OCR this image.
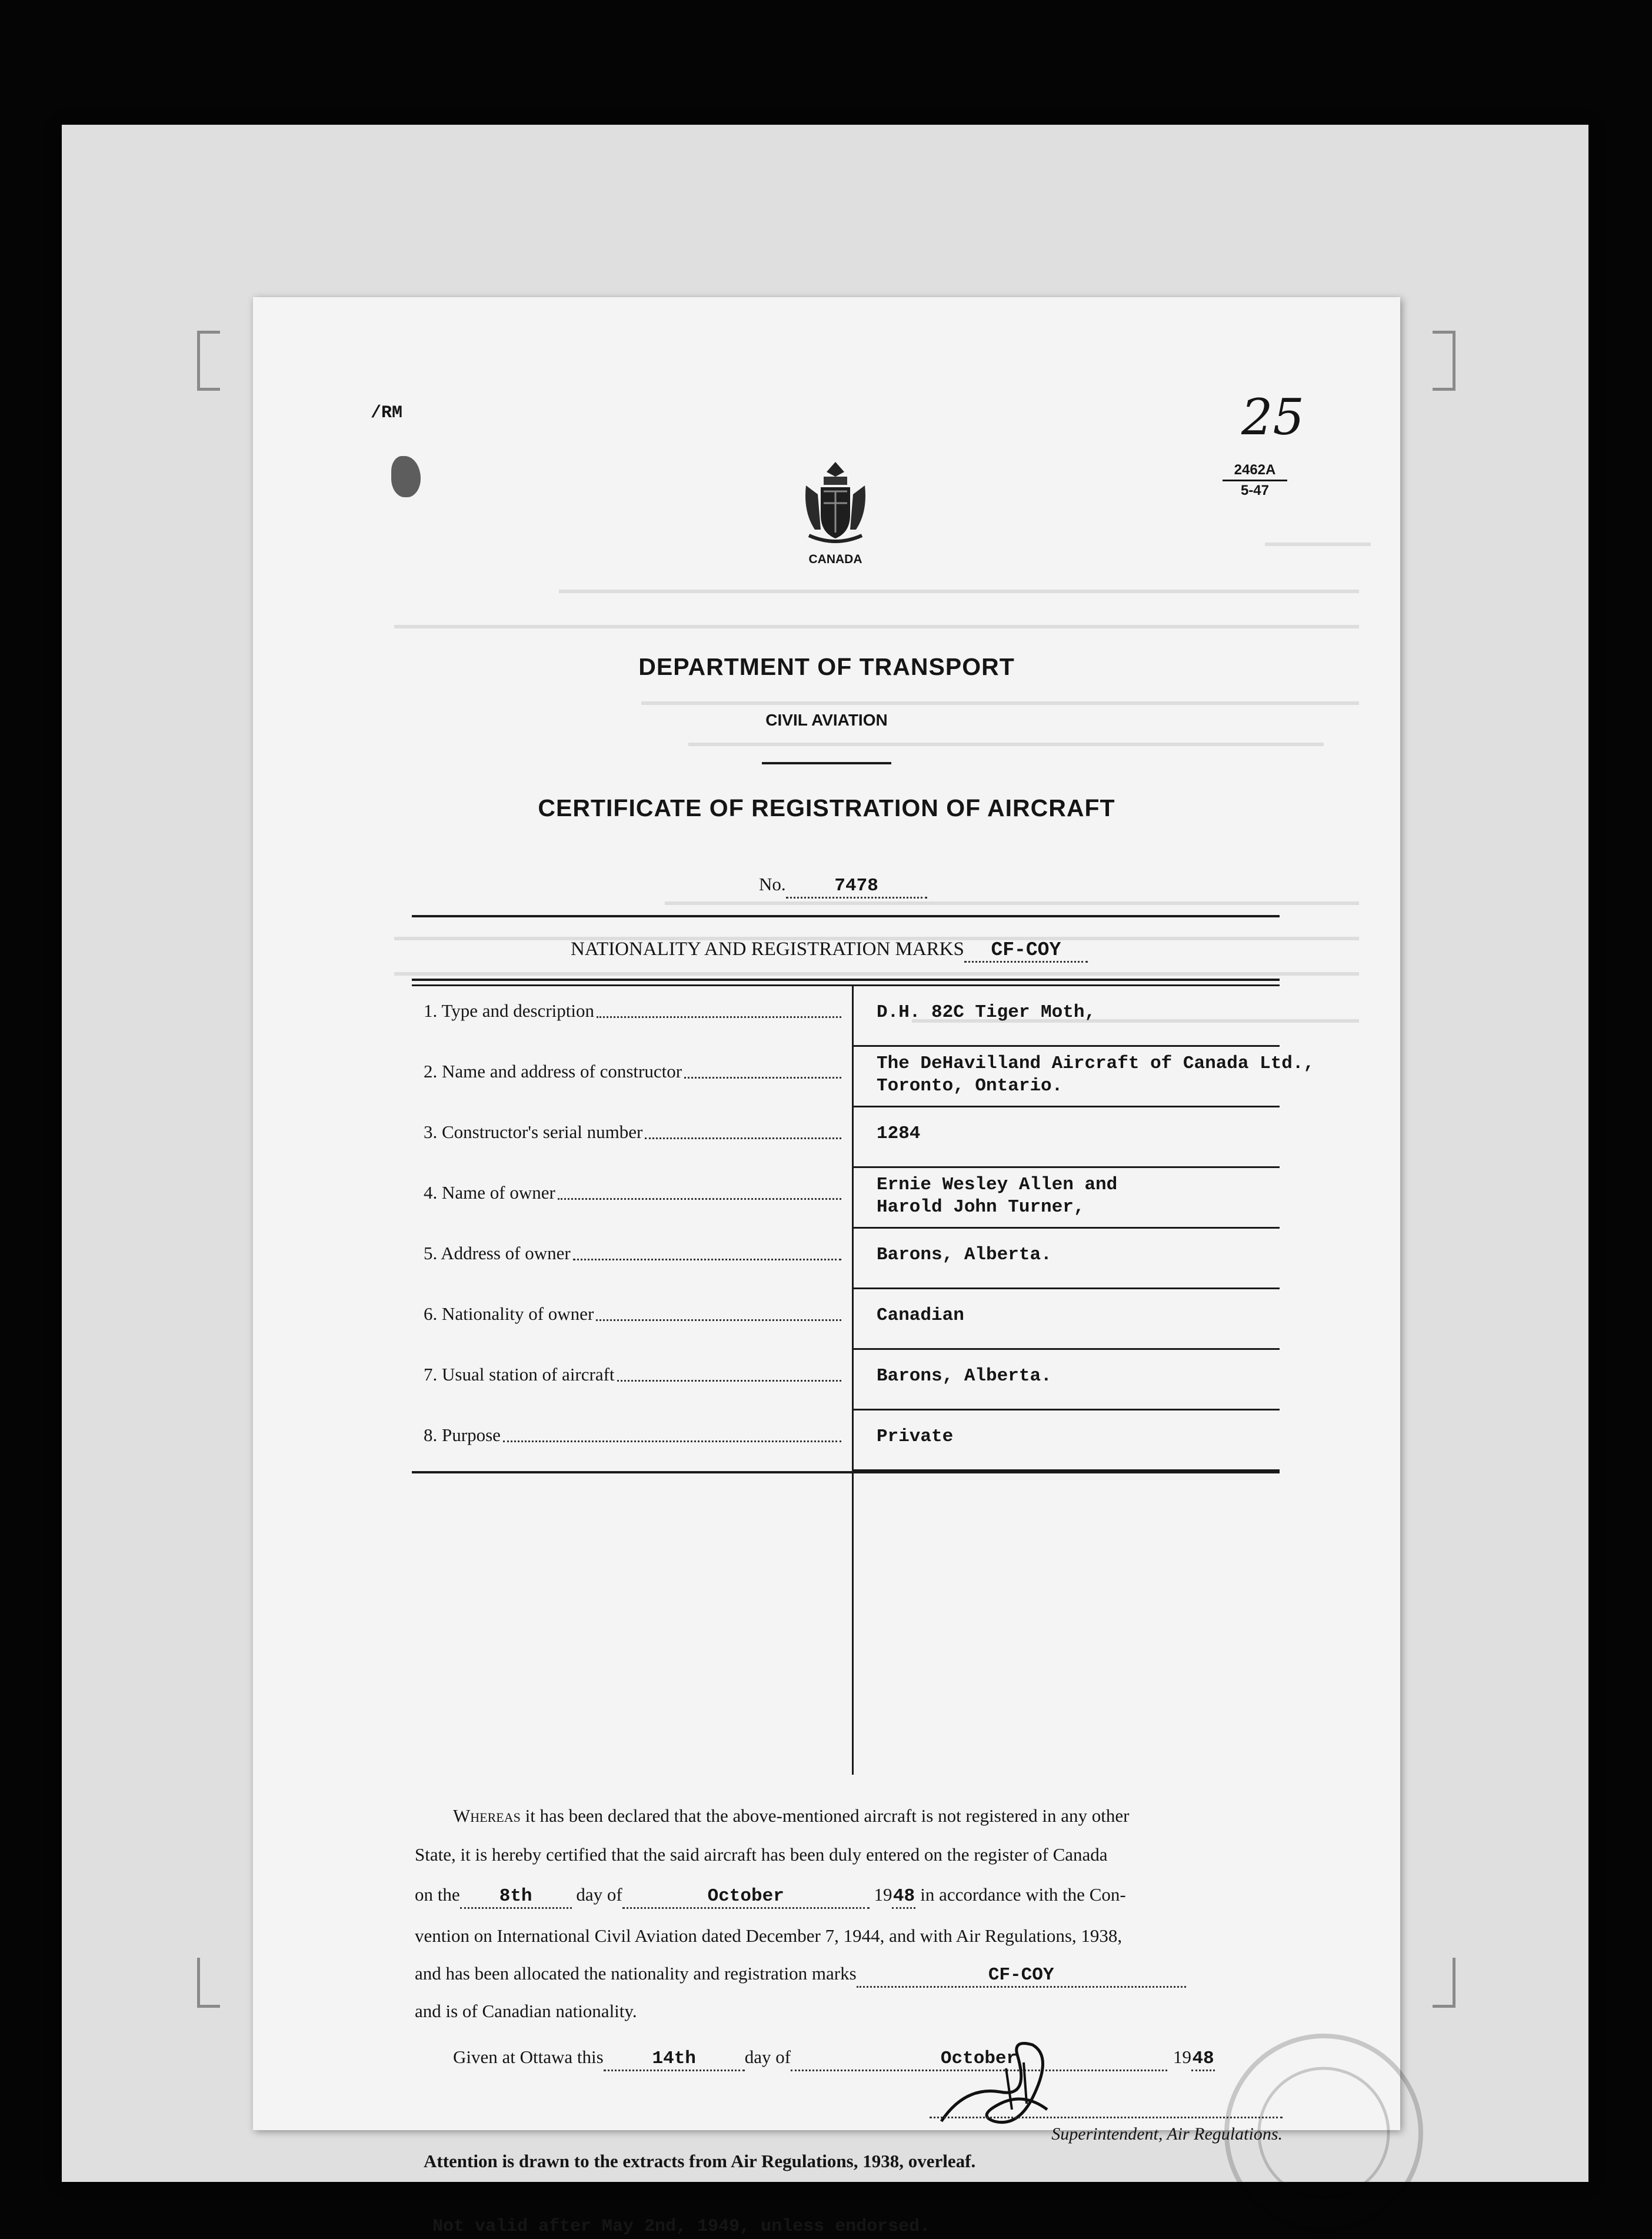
/RM	25
2462A
5-47
CANADA
DEPARTMENT OF TRANSPORT
CIVIL AVIATION
CERTIFICATE OF REGISTRATION OF AIRCRAFT
No.	7478
NATIONALITY AND REGISTRATION MARKS CF-COY
Whereas it has been declared that the above-mentioned aircraft is not registered in any other
State, it is hereby certified that the said aircraft has been duly entered on the register of Canada
on the 8th day of	October	1948 in accordance with the Con-
vention on International Civil Aviation dated December 7, 1944, and with Air Regulations, 1938,
and has been allocated the nationality and registration marks	CF-COY
and is of Canadian nationality.
Given at Ottawa this	14th	day of	October	1948
Superintendent, Air Regulations.
Attention is drawn to the extracts from Air Regulations, 1938, overleaf.
Not valid after May 2nd, 1949, unless endorsed.
1. Type and description	D.H. 82C Tiger Moth,
2. Name and address of constructor	The DeHavilland Aircraft of Canada Ltd.,
Toronto, Ontario.
3. Constructor's serial number	1284
4. Name of owner	Ernie Wesley Allen and
Harold John Turner,
5. Address of owner	Barons, Alberta.
6. Nationality of owner	Canadian
7. Usual station of aircraft	Barons, Alberta.
8. Purpose	Private
